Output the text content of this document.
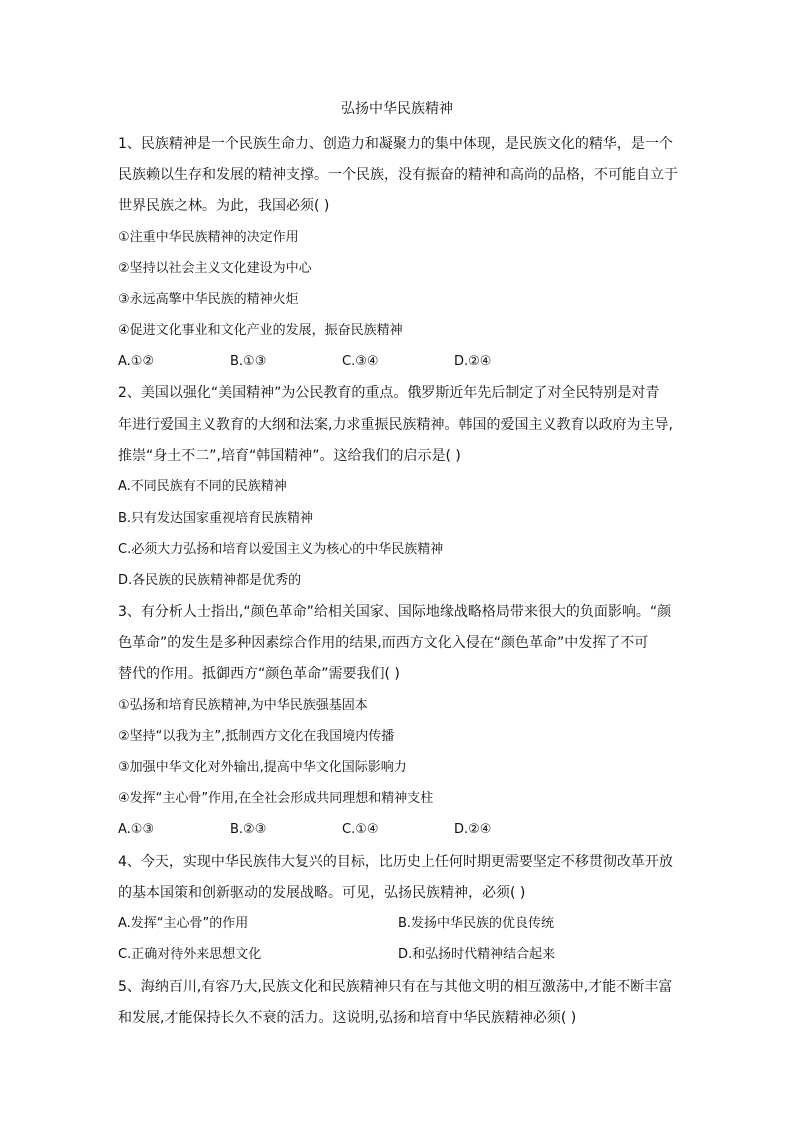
弘扬中华民族精神
1、民族精神是一个民族生命力、创造力和凝聚力的集中体现，是民族文化的精华，是一个
民族赖以生存和发展的精神支撑。一个民族，没有振奋的精神和高尚的品格，不可能自立于
世界民族之林。为此，我国必须( )
①注重中华民族精神的决定作用
②坚持以社会主义文化建设为中心
③永远高擎中华民族的精神火炬
④促进文化事业和文化产业的发展，振奋民族精神
A.①②	B.①③	C.③④	D.②④
2、美国以强化“美国精神”为公民教育的重点。俄罗斯近年先后制定了对全民特别是对青
年进行爱国主义教育的大纲和法案,力求重振民族精神。韩国的爱国主义教育以政府为主导,
推崇“身土不二”,培育“韩国精神”。这给我们的启示是( )
A.不同民族有不同的民族精神
B.只有发达国家重视培育民族精神
C.必须大力弘扬和培育以爱国主义为核心的中华民族精神
D.各民族的民族精神都是优秀的
3、有分析人士指出,“颜色革命”给相关国家、国际地缘战略格局带来很大的负面影响。“颜
色革命”的发生是多种因素综合作用的结果,而西方文化入侵在“颜色革命”中发挥了不可
替代的作用。抵御西方“颜色革命”需要我们( )
①弘扬和培育民族精神,为中华民族强基固本
②坚持“以我为主”,抵制西方文化在我国境内传播
③加强中华文化对外输出,提高中华文化国际影响力
④发挥“主心骨”作用,在全社会形成共同理想和精神支柱
A.①③	B.②③	C.①④	D.②④
4、今天，实现中华民族伟大复兴的目标，比历史上任何时期更需要坚定不移贯彻改革开放
的基本国策和创新驱动的发展战略。可见，弘扬民族精神，必须( )
A.发挥“主心骨”的作用	B.发扬中华民族的优良传统
C.正确对待外来思想文化	D.和弘扬时代精神结合起来
5、海纳百川,有容乃大,民族文化和民族精神只有在与其他文明的相互激荡中,才能不断丰富
和发展,才能保持长久不衰的活力。这说明,弘扬和培育中华民族精神必须( )
